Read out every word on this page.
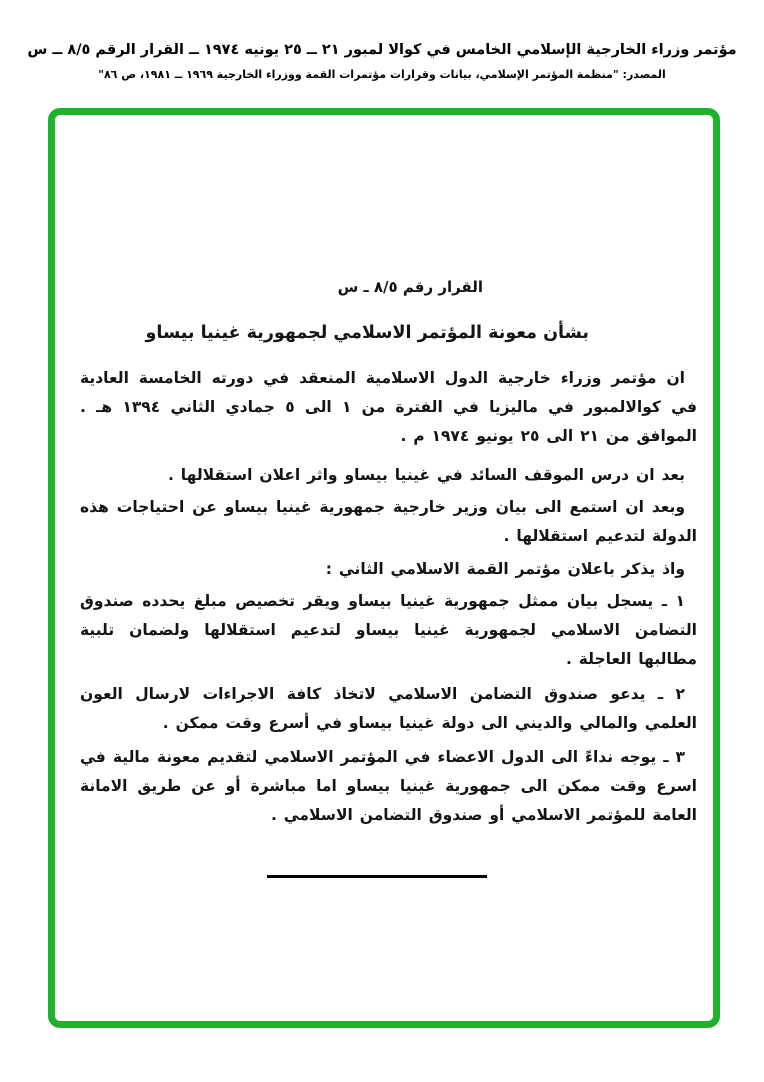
مؤتمر وزراء الخارجية الإسلامي الخامس في كوالا لمبور ٢١ ــ ٢٥ يونيه ١٩٧٤ ــ القرار الرقم ٨/٥ ــ س
المصدر: "منظمة المؤتمر الإسلامي، بيانات وقرارات مؤتمرات القمة ووزراء الخارجية ١٩٦٩ ــ ١٩٨١، ص ٨٦"
القرار رقم ٨/٥ ـ س
بشأن معونة المؤتمر الاسلامي لجمهورية غينيا بيساو

ان مؤتمر وزراء خارجية الدول الاسلامية المنعقد في دورته الخامسة العادية في كوالالمبور في ماليزيا في الفترة من ١ الى ٥ جمادي الثاني ١٣٩٤ هـ . الموافق من ٢١ الى ٢٥ يونيو ١٩٧٤ م .

بعد ان درس الموقف السائد في غينيا بيساو واثر اعلان استقلالها .

وبعد ان استمع الى بيان وزير خارجية جمهورية غينيا بيساو عن احتياجات هذه الدولة لتدعيم استقلالها .

واذ يذكر باعلان مؤتمر القمة الاسلامي الثاني :

١ ـ يسجل بيان ممثل جمهورية غينيا بيساو ويقر تخصيص مبلغ يحدده صندوق التضامن الاسلامي لجمهورية غينيا بيساو لتدعيم استقلالها ولضمان تلبية مطالبها العاجلة .

٢ ـ يدعو صندوق التضامن الاسلامي لاتخاذ كافة الاجراءات لارسال العون العلمي والمالي والديني الى دولة غينيا بيساو في أسرع وقت ممكن .

٣ ـ يوجه نداءً الى الدول الاعضاء في المؤتمر الاسلامي لتقديم معونة مالية في اسرع وقت ممكن الى جمهورية غينيا بيساو اما مباشرة أو عن طريق الامانة العامة للمؤتمر الاسلامي أو صندوق التضامن الاسلامي .
